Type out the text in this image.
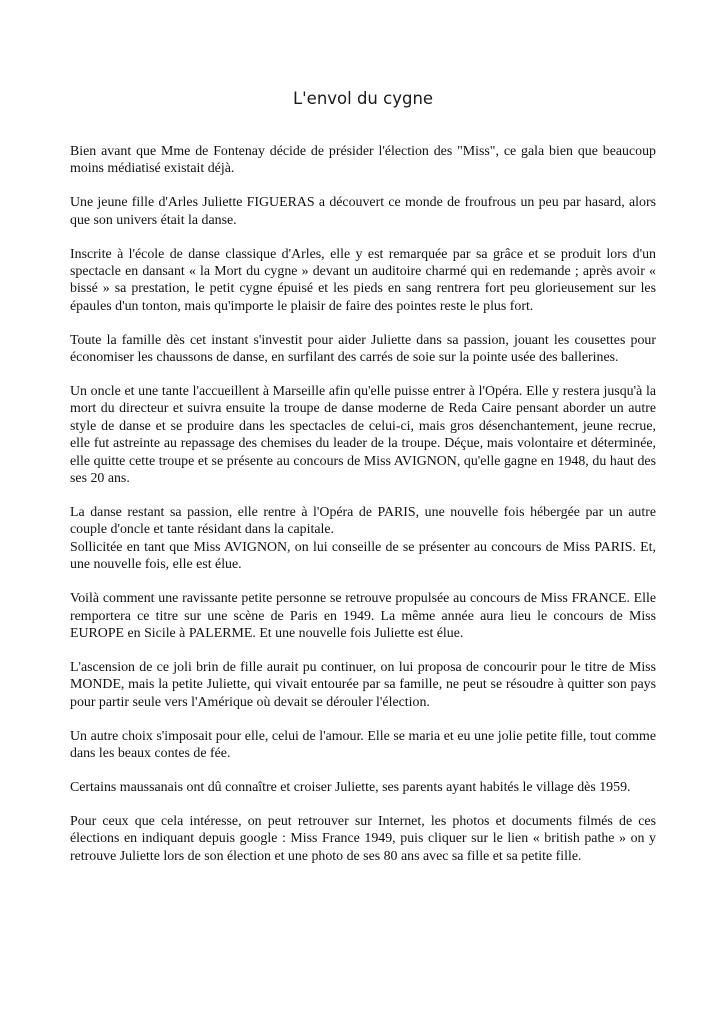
L'envol du cygne

Bien avant que Mme de Fontenay décide de présider l'élection des "Miss", ce gala bien que beaucoup moins médiatisé existait déjà.

Une jeune fille d'Arles Juliette FIGUERAS a découvert ce monde de froufrous un peu par hasard, alors que son univers était la danse.

Inscrite à l'école de danse classique d'Arles, elle y est remarquée par sa grâce et se produit lors d'un spectacle en dansant « la Mort du cygne » devant un auditoire charmé qui en redemande ; après avoir « bissé » sa prestation, le petit cygne épuisé et les pieds en sang rentrera fort peu glorieusement sur les épaules d'un tonton, mais qu'importe le plaisir de faire des pointes reste le plus fort.

Toute la famille dès cet instant s'investit pour aider Juliette dans sa passion, jouant les cousettes pour économiser les chaussons de danse, en surfilant des carrés de soie sur la pointe usée des ballerines.

Un oncle et une tante l'accueillent à Marseille afin qu'elle puisse entrer à l'Opéra. Elle y restera jusqu'à la mort du directeur et suivra ensuite la troupe de danse moderne de Reda Caire pensant aborder un autre style de danse et se produire dans les spectacles de celui-ci, mais gros désenchantement, jeune recrue, elle fut astreinte au repassage des chemises du leader de la troupe. Déçue, mais volontaire et déterminée, elle quitte cette troupe et se présente au concours de Miss AVIGNON, qu'elle gagne en 1948, du haut des ses 20 ans.

La danse restant sa passion, elle rentre à l'Opéra de PARIS, une nouvelle fois hébergée par un autre couple d'oncle et tante résidant dans la capitale.
Sollicitée en tant que Miss AVIGNON, on lui conseille de se présenter au concours de Miss PARIS. Et, une nouvelle fois, elle est élue.

Voilà comment une ravissante petite personne se retrouve propulsée au concours de Miss FRANCE. Elle remportera ce titre sur une scène de Paris en 1949. La même année aura lieu le concours de Miss EUROPE en Sicile à PALERME. Et une nouvelle fois Juliette est élue.

L'ascension de ce joli brin de fille aurait pu continuer, on lui proposa de concourir pour le titre de Miss MONDE, mais la petite Juliette, qui vivait entourée par sa famille, ne peut se résoudre à quitter son pays pour partir seule vers l'Amérique où devait se dérouler l'élection.

Un autre choix s'imposait pour elle, celui de l'amour. Elle se maria et eu une jolie petite fille, tout comme dans les beaux contes de fée.

Certains maussanais ont dû connaître et croiser Juliette, ses parents ayant habités le village dès 1959.

Pour ceux que cela intéresse, on peut retrouver sur Internet, les photos et documents filmés de ces élections en indiquant depuis google : Miss France 1949, puis cliquer sur le lien « british pathe » on y retrouve Juliette lors de son élection et une photo de ses 80 ans avec sa fille et sa petite fille.
